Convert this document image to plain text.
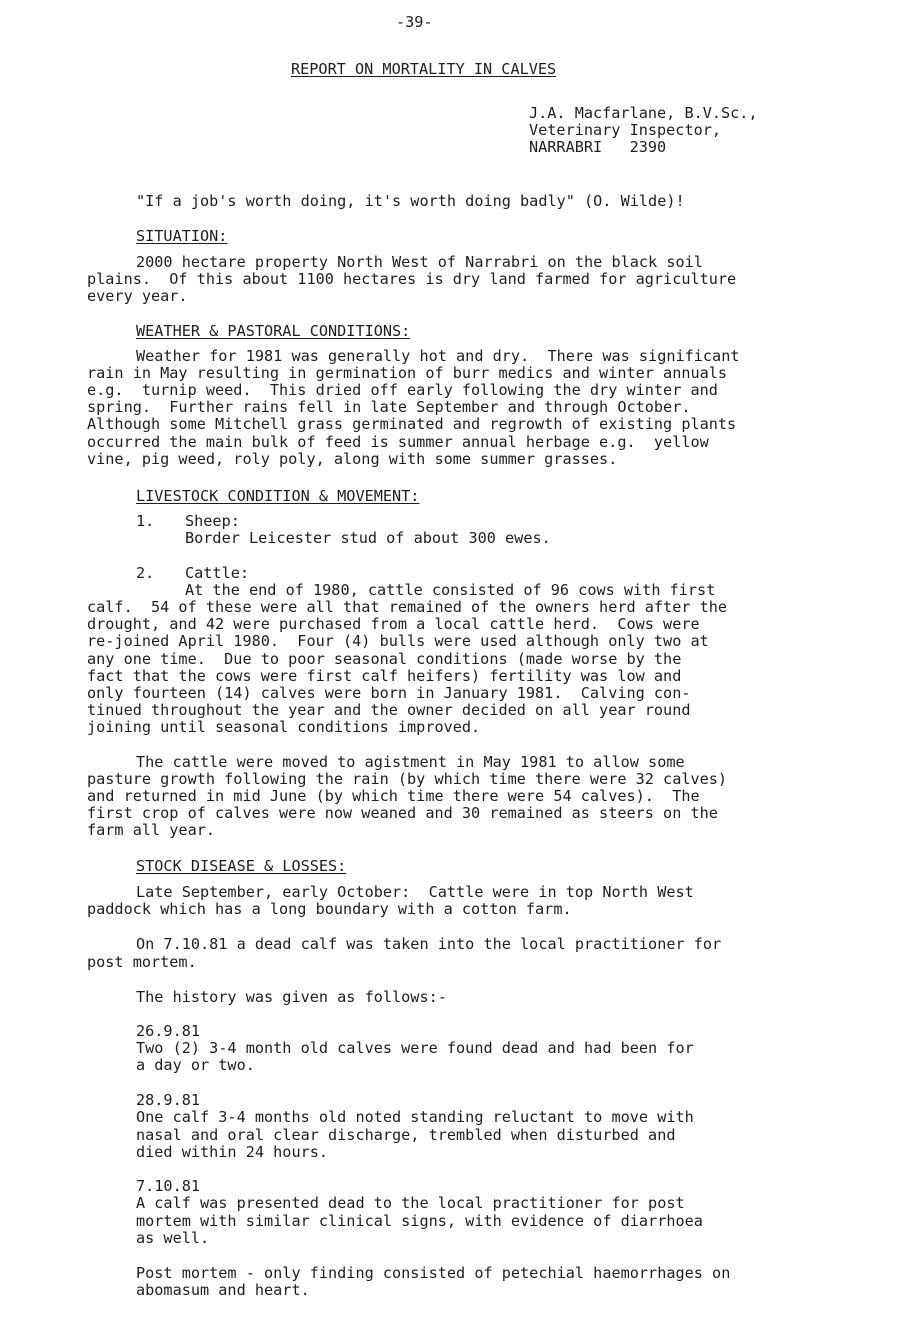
-39-
REPORT ON MORTALITY IN CALVES
J.A. Macfarlane, B.V.Sc.,
Veterinary Inspector,
NARRABRI   2390
"If a job's worth doing, it's worth doing badly" (O. Wilde)!
SITUATION:
2000 hectare property North West of Narrabri on the black soil
plains.  Of this about 1100 hectares is dry land farmed for agriculture
every year.
WEATHER & PASTORAL CONDITIONS:
Weather for 1981 was generally hot and dry.  There was significant
rain in May resulting in germination of burr medics and winter annuals
e.g.  turnip weed.  This dried off early following the dry winter and
spring.  Further rains fell in late September and through October.
Although some Mitchell grass germinated and regrowth of existing plants
occurred the main bulk of feed is summer annual herbage e.g.  yellow
vine, pig weed, roly poly, along with some summer grasses.
LIVESTOCK CONDITION & MOVEMENT:
1. Sheep:
Border Leicester stud of about 300 ewes.
2. Cattle:
At the end of 1980, cattle consisted of 96 cows with first
calf.  54 of these were all that remained of the owners herd after the
drought, and 42 were purchased from a local cattle herd.  Cows were
re-joined April 1980.  Four (4) bulls were used although only two at
any one time.  Due to poor seasonal conditions (made worse by the
fact that the cows were first calf heifers) fertility was low and
only fourteen (14) calves were born in January 1981.  Calving con-
tinued throughout the year and the owner decided on all year round
joining until seasonal conditions improved.
The cattle were moved to agistment in May 1981 to allow some
pasture growth following the rain (by which time there were 32 calves)
and returned in mid June (by which time there were 54 calves).  The
first crop of calves were now weaned and 30 remained as steers on the
farm all year.
STOCK DISEASE & LOSSES:
Late September, early October:  Cattle were in top North West
paddock which has a long boundary with a cotton farm.
On 7.10.81 a dead calf was taken into the local practitioner for
post mortem.
The history was given as follows:-
26.9.81
Two (2) 3-4 month old calves were found dead and had been for
a day or two.
28.9.81
One calf 3-4 months old noted standing reluctant to move with
nasal and oral clear discharge, trembled when disturbed and
died within 24 hours.
7.10.81
A calf was presented dead to the local practitioner for post
mortem with similar clinical signs, with evidence of diarrhoea
as well.
Post mortem - only finding consisted of petechial haemorrhages on
abomasum and heart.
